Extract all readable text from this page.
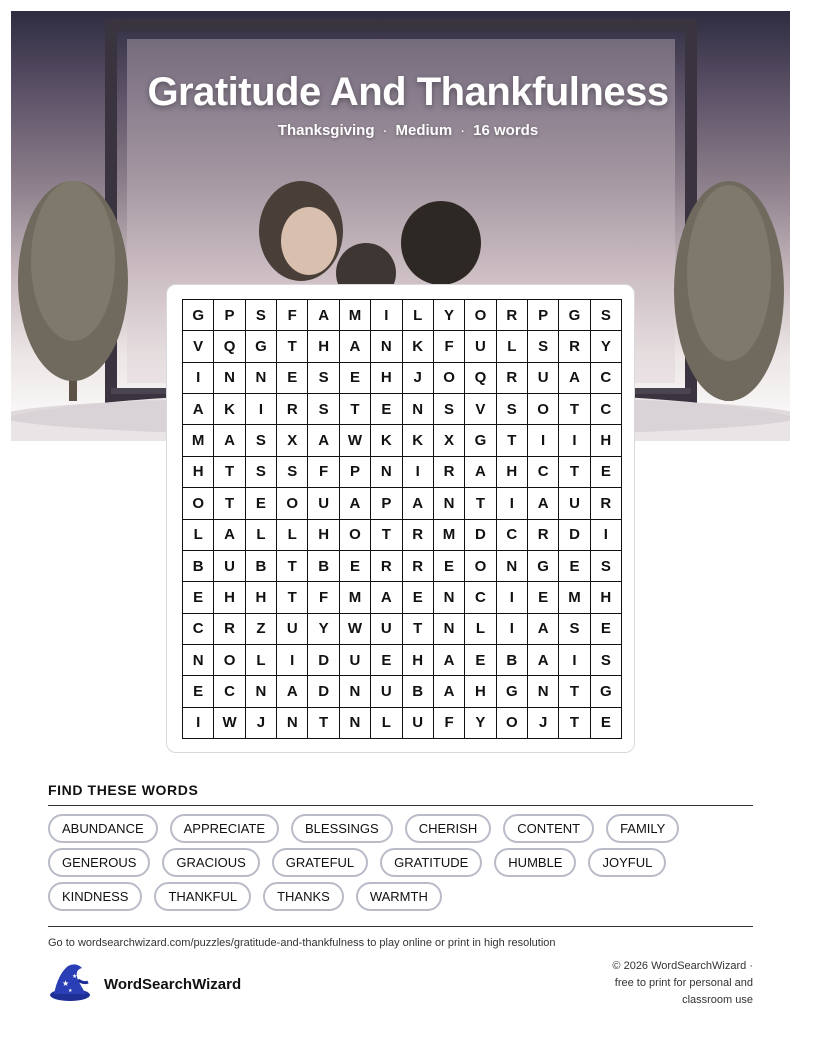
Gratitude And Thankfulness
Thanksgiving · Medium · 16 words
G	P	S	F	A	M	I	L	Y	O	R	P	G	S
V	Q	G	T	H	A	N	K	F	U	L	S	R	Y
I	N	N	E	S	E	H	J	O	Q	R	U	A	C
A	K	I	R	S	T	E	N	S	V	S	O	T	C
M	A	S	X	A	W	K	K	X	G	T	I	I	H
H	T	S	S	F	P	N	I	R	A	H	C	T	E
O	T	E	O	U	A	P	A	N	T	I	A	U	R
L	A	L	L	H	O	T	R	M	D	C	R	D	I
B	U	B	T	B	E	R	R	E	O	N	G	E	S
E	H	H	T	F	M	A	E	N	C	I	E	M	H
C	R	Z	U	Y	W	U	T	N	L	I	A	S	E
N	O	L	I	D	U	E	H	A	E	B	A	I	S
E	C	N	A	D	N	U	B	A	H	G	N	T	G
I	W	J	N	T	N	L	U	F	Y	O	J	T	E
FIND THESE WORDS
ABUNDANCE	APPRECIATE	BLESSINGS	CHERISH	CONTENT	FAMILY
GENEROUS	GRACIOUS	GRATEFUL	GRATITUDE	HUMBLE	JOYFUL
KINDNESS	THANKFUL	THANKS	WARMTH
Go to wordsearchwizard.com/puzzles/gratitude-and-thankfulness to play online or print in high resolution
★
★
★ WordSearchWizard
© 2026 WordSearchWizard ·
free to print for personal and
classroom use
